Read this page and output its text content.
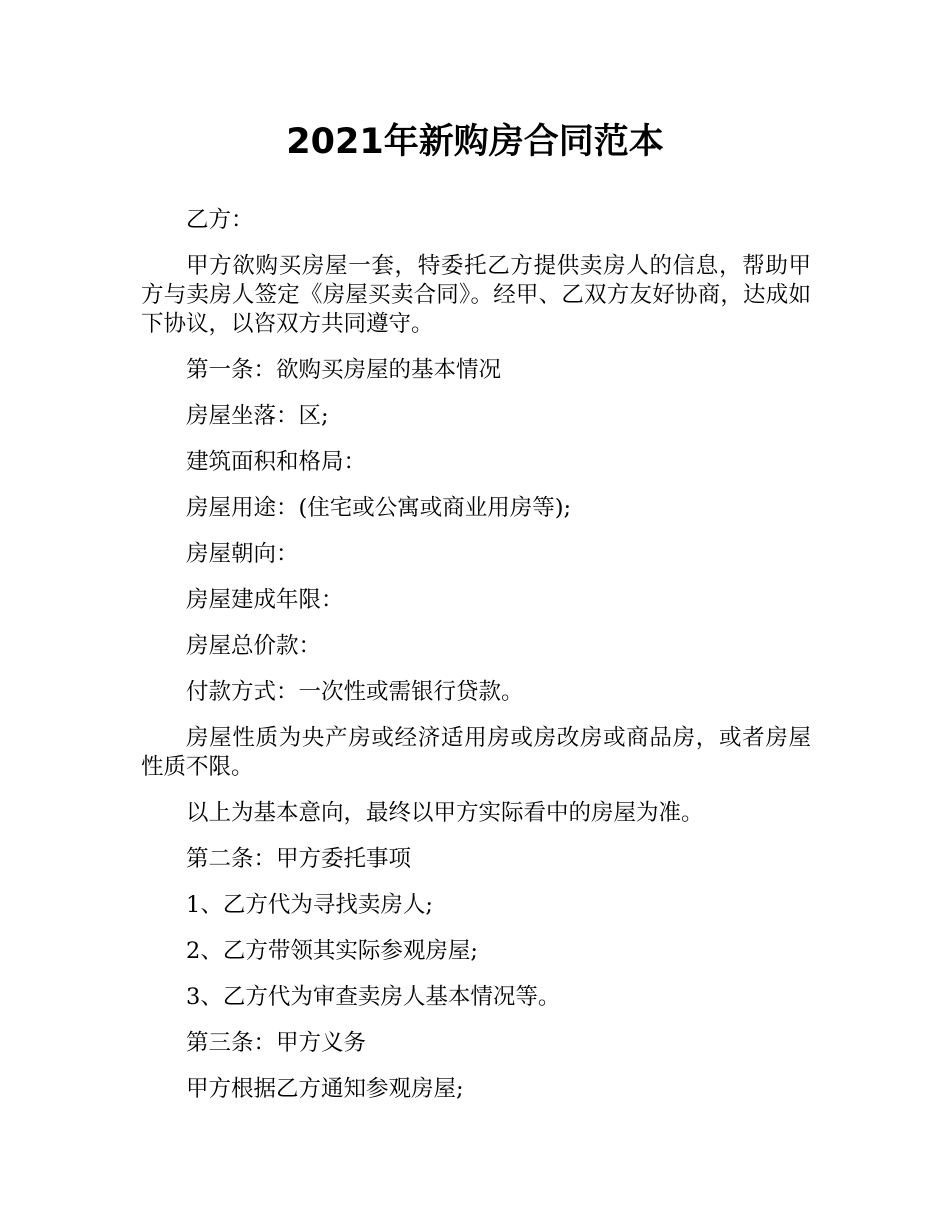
2021年新购房合同范本

乙方：

甲方欲购买房屋一套，特委托乙方提供卖房人的信息，帮助甲方与卖房人签定《房屋买卖合同》。经甲、乙双方友好协商，达成如下协议，以咨双方共同遵守。

第一条：欲购买房屋的基本情况

房屋坐落：区;

建筑面积和格局：

房屋用途：(住宅或公寓或商业用房等);

房屋朝向：

房屋建成年限：

房屋总价款：

付款方式：一次性或需银行贷款。

房屋性质为央产房或经济适用房或房改房或商品房，或者房屋性质不限。

以上为基本意向，最终以甲方实际看中的房屋为准。

第二条：甲方委托事项

1、乙方代为寻找卖房人;

2、乙方带领其实际参观房屋;

3、乙方代为审查卖房人基本情况等。

第三条：甲方义务

甲方根据乙方通知参观房屋;
